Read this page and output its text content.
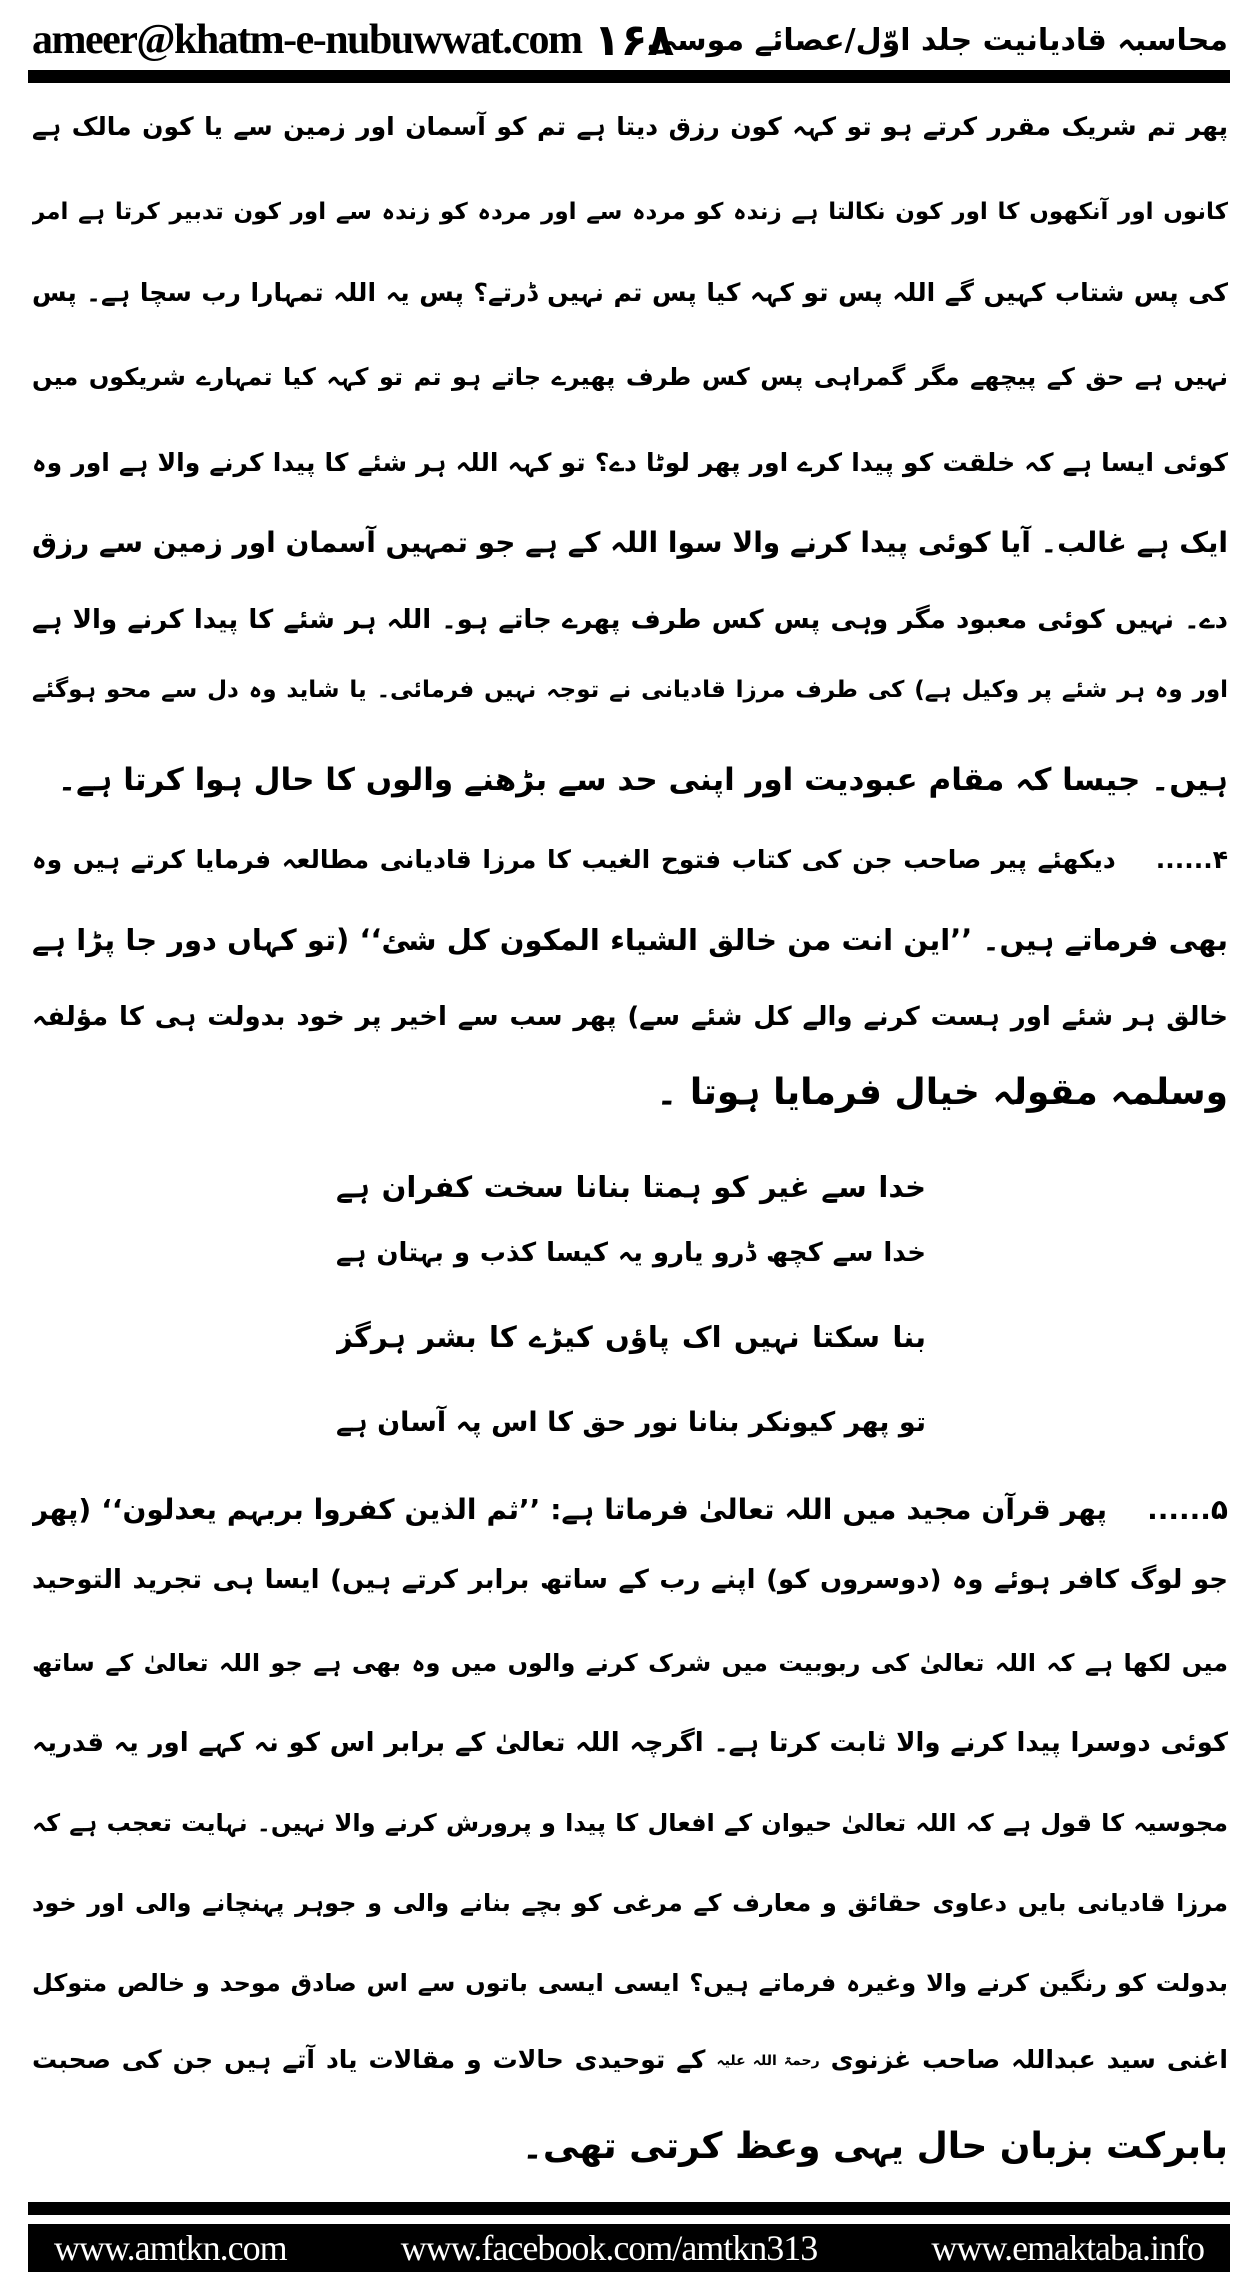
ameer@khatm-e-nubuwwat.com ۱۶۸
محاسبہ قادیانیت جلد اوّل/عصائے موسیٰ
پھر تم شریک مقرر کرتے ہو تو کہہ کون رزق دیتا ہے تم کو آسمان اور زمین سے یا کون مالک ہے
کانوں اور آنکھوں کا اور کون نکالتا ہے زندہ کو مردہ سے اور مردہ کو زندہ سے اور کون تدبیر کرتا ہے امر
کی پس شتاب کہیں گے اللہ پس تو کہہ کیا پس تم نہیں ڈرتے؟ پس یہ اللہ تمہارا رب سچا ہے۔ پس
نہیں ہے حق کے پیچھے مگر گمراہی پس کس طرف پھیرے جاتے ہو تم تو کہہ کیا تمہارے شریکوں میں
کوئی ایسا ہے کہ خلقت کو پیدا کرے اور پھر لوٹا دے؟ تو کہہ اللہ ہر شئے کا پیدا کرنے والا ہے اور وہ
ایک ہے غالب۔ آیا کوئی پیدا کرنے والا سوا اللہ کے ہے جو تمہیں آسمان اور زمین سے رزق
دے۔ نہیں کوئی معبود مگر وہی پس کس طرف پھرے جاتے ہو۔ اللہ ہر شئے کا پیدا کرنے والا ہے
اور وہ ہر شئے پر وکیل ہے) کی طرف مرزا قادیانی نے توجہ نہیں فرمائی۔ یا شاید وہ دل سے محو ہوگئے
ہیں۔ جیسا کہ مقام عبودیت اور اپنی حد سے بڑھنے والوں کا حال ہوا کرتا ہے۔
۴......دیکھئے پیر صاحب جن کی کتاب فتوح الغیب کا مرزا قادیانی مطالعہ فرمایا کرتے ہیں وہ
بھی فرماتے ہیں۔ ’’این انت من خالق الشیاء المکون کل شئ‘‘ (تو کہاں دور جا پڑا ہے
خالق ہر شئے اور ہست کرنے والے کل شئے سے) پھر سب سے اخیر پر خود بدولت ہی کا مؤلفہ
وسلمہ مقولہ خیال فرمایا ہوتا ۔
خدا سے غیر کو ہمتا بنانا سخت کفران ہے
خدا سے کچھ ڈرو یارو یہ کیسا کذب و بہتان ہے
بنا سکتا نہیں اک پاؤں کیڑے کا بشر ہرگز
تو پھر کیونکر بنانا نور حق کا اس پہ آسان ہے
۵......پھر قرآن مجید میں اللہ تعالیٰ فرماتا ہے: ’’ثم الذین کفروا بربہم یعدلون‘‘ (پھر
جو لوگ کافر ہوئے وہ (دوسروں کو) اپنے رب کے ساتھ برابر کرتے ہیں) ایسا ہی تجرید التوحید
میں لکھا ہے کہ اللہ تعالیٰ کی ربوبیت میں شرک کرنے والوں میں وہ بھی ہے جو اللہ تعالیٰ کے ساتھ
کوئی دوسرا پیدا کرنے والا ثابت کرتا ہے۔ اگرچہ اللہ تعالیٰ کے برابر اس کو نہ کہے اور یہ قدریہ
مجوسیہ کا قول ہے کہ اللہ تعالیٰ حیوان کے افعال کا پیدا و پرورش کرنے والا نہیں۔ نہایت تعجب ہے کہ
مرزا قادیانی بایں دعاوی حقائق و معارف کے مرغی کو بچے بنانے والی و جوہر پہنچانے والی اور خود
بدولت کو رنگین کرنے والا وغیرہ فرماتے ہیں؟ ایسی ایسی باتوں سے اس صادق موحد و خالص متوکل
اغنی سید عبداللہ صاحب غزنوی رحمۃ اللہ علیہ کے توحیدی حالات و مقالات یاد آتے ہیں جن کی صحبت
بابرکت بزبان حال یہی وعظ کرتی تھی۔
www.amtkn.com	www.facebook.com/amtkn313	www.emaktaba.info
